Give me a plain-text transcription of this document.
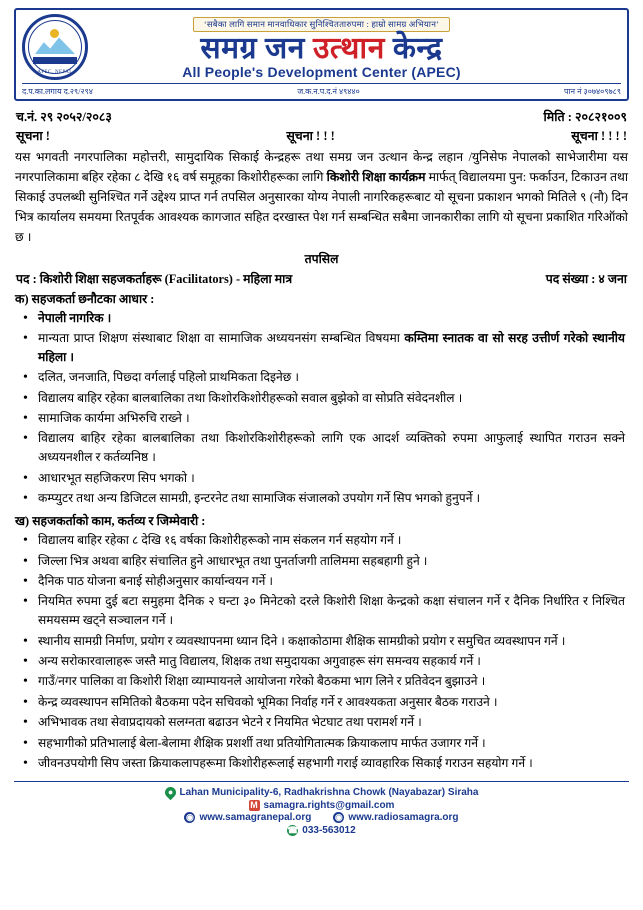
APEC, NEPAL
‘सबैका लागि समान मानवाधिकार सुनिश्चिततारुपमा : हाम्रो सामग्र अभियान’
समग्र जन उत्थान केन्द्र
All People's Development Center (APEC)
द.प.का.लगाय द.२९/२९४	ज.क.न.प.द.नं ४९४४०	पान नं ३०७४०९७८९
च.नं. २९ २०५२/२०८३	मिति : २०८२१००९
सूचना !	सूचना ! ! !	सूचना ! ! ! !

यस भगवती नगरपालिका महोत्तरी, सामुदायिक सिकाई केन्द्रहरू तथा समग्र जन उत्थान केन्द्र लहान /युनिसेफ नेपालको साभेजारीमा यस नगरपालिकामा बहिर रहेका ८ देखि १६ वर्ष समूहका किशोरीहरूका लागि किशोरी शिक्षा कार्यक्रम मार्फत् विद्यालयमा पुन: फर्काउन, टिकाउन तथा सिकाई उपलब्धी सुनिश्चित गर्ने उद्देश्य प्राप्त गर्न तपसिल अनुसारका योग्य नेपाली नागरिकहरूबाट यो सूचना प्रकाशन भगको मितिले ९ (नौ) दिन भित्र कार्यालय समयमा रितपूर्वक आवश्यक कागजात सहित दरखास्त पेश गर्न सम्बन्धित सबैमा जानकारीका लागि यो सूचना प्रकाशित गरिऑको छ ।

तपसिल
पद : किशोरी शिक्षा सहजकर्ताहरू (Facilitators) - महिला मात्र	पद संख्या : ४ जना
क) सहजकर्ता छनौटका आधार :
• नेपाली नागरिक ।
• मान्यता प्राप्त शिक्षण संस्थाबाट शिक्षा वा सामाजिक अध्ययनसंग सम्बन्धित विषयमा कम्तिमा स्नातक वा सो सरह उत्तीर्ण गरेको स्थानीय महिला ।
• दलित, जनजाति, पिछ्दा वर्गलाई पहिलो प्राथमिकता दिइनेछ ।
• विद्यालय बाहिर रहेका बालबालिका तथा किशोरकिशोरीहरूको सवाल बुझेको वा सोप्रति संवेदनशील ।
• सामाजिक कार्यमा अभिरुचि राख्ने ।
• विद्यालय बाहिर रहेका बालबालिका तथा किशोरकिशोरीहरूको लागि एक आदर्श व्यक्तिको रुपमा आफुलाई स्थापित गराउन सक्ने अध्ययनशील र कर्तव्यनिष्ठ ।
• आधारभूत सहजिकरण सिप भगको ।
• कम्प्युटर तथा अन्य डिजिटल सामग्री, इन्टरनेट तथा सामाजिक संजालको उपयोग गर्ने सिप भगको हुनुपर्ने ।
ख) सहजकर्ताको काम, कर्तव्य र जिम्मेवारी :
• विद्यालय बाहिर रहेका ८ देखि १६ वर्षका किशोरीहरूको नाम संकलन गर्न सहयोग गर्ने ।
• जिल्ला भित्र अथवा बाहिर संचालित हुने आधारभूत तथा पुनर्ताजगी तालिममा सहबहागी हुने ।
• दैनिक पाठ योजना बनाई सोहीअनुसार कार्यान्वयन गर्ने ।
• नियमित रुपमा दुई बटा समुहमा दैनिक २ घन्टा ३० मिनेटको दरले किशोरी शिक्षा केन्द्रको कक्षा संचालन गर्ने र दैनिक निर्धारित र निश्चित समयसम्म खट्ने सञ्चालन गर्ने ।
• स्थानीय सामग्री निर्माण, प्रयोग र व्यवस्थापनमा ध्यान दिने । कक्षाकोठामा शैक्षिक सामग्रीको प्रयोग र समुचित व्यवस्थापन गर्ने ।
• अन्य सरोकारवालाहरू जस्तै मातु विद्यालय, शिक्षक तथा समुदायका अगुवाहरू संग समन्वय सहकार्य गर्ने ।
• गाउँ/नगर पालिका वा किशोरी शिक्षा व्याम्पायनले आयोजना गरेको बैठकमा भाग लिने र प्रतिवेदन बुझाउने ।
• केन्द्र व्यवस्थापन समितिको बैठकमा पदेन सचिवको भूमिका निर्वाह गर्ने र आवश्यकता अनुसार बैठक गराउने ।
• अभिभावक तथा सेवाप्रदायको सलग्नता बढाउन भेटने र नियमित भेटघाट तथा परामर्श गर्ने ।
• सहभागीको प्रतिभालाई बेला-बेलामा शैक्षिक प्रशर्शी तथा प्रतियोगितात्मक क्रियाकलाप मार्फत उजागर गर्ने ।
• जीवनउपयोगी सिप जस्ता क्रियाकलापहरूमा किशोरीहरूलाई सहभागी गराई व्यावहारिक सिकाई गराउन सहयोग गर्ने ।
● Lahan Municipality-6, Radhakrishna Chowk (Nayabazar) Siraha
M samagra.rights@gmail.com
◉ www.samagranepal.org	◉ www.radiosamagra.org
☎ 033-563012
